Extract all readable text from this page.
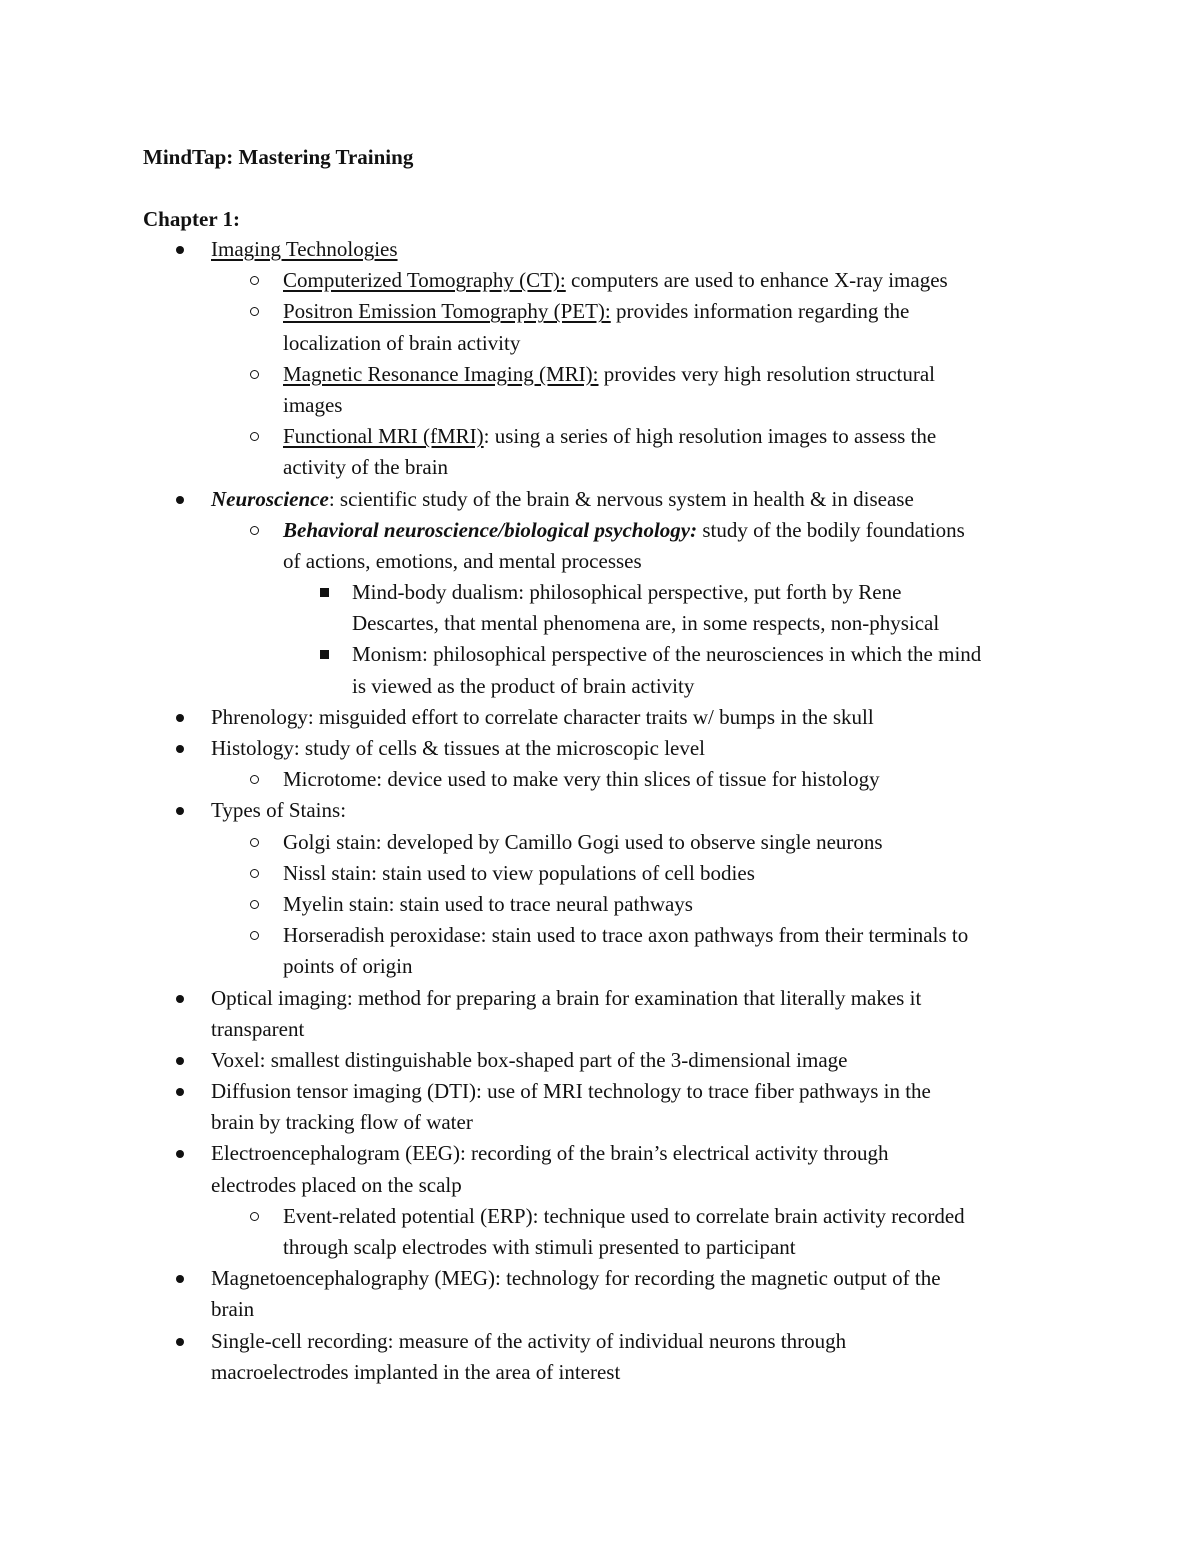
MindTap: Mastering Training
Chapter 1:
Imaging Technologies
Computerized Tomography (CT): computers are used to enhance X-ray images
Positron Emission Tomography (PET): provides information regarding the
localization of brain activity
Magnetic Resonance Imaging (MRI): provides very high resolution structural
images
Functional MRI (fMRI): using a series of high resolution images to assess the
activity of the brain
Neuroscience: scientific study of the brain & nervous system in health & in disease
Behavioral neuroscience/biological psychology: study of the bodily foundations
of actions, emotions, and mental processes
Mind-body dualism: philosophical perspective, put forth by Rene
Descartes, that mental phenomena are, in some respects, non-physical
Monism: philosophical perspective of the neurosciences in which the mind
is viewed as the product of brain activity
Phrenology: misguided effort to correlate character traits w/ bumps in the skull
Histology: study of cells & tissues at the microscopic level
Microtome: device used to make very thin slices of tissue for histology
Types of Stains:
Golgi stain: developed by Camillo Gogi used to observe single neurons
Nissl stain: stain used to view populations of cell bodies
Myelin stain: stain used to trace neural pathways
Horseradish peroxidase: stain used to trace axon pathways from their terminals to
points of origin
Optical imaging: method for preparing a brain for examination that literally makes it
transparent
Voxel: smallest distinguishable box-shaped part of the 3-dimensional image
Diffusion tensor imaging (DTI): use of MRI technology to trace fiber pathways in the
brain by tracking flow of water
Electroencephalogram (EEG): recording of the brain’s electrical activity through
electrodes placed on the scalp
Event-related potential (ERP): technique used to correlate brain activity recorded
through scalp electrodes with stimuli presented to participant
Magnetoencephalography (MEG): technology for recording the magnetic output of the
brain
Single-cell recording: measure of the activity of individual neurons through
macroelectrodes implanted in the area of interest
